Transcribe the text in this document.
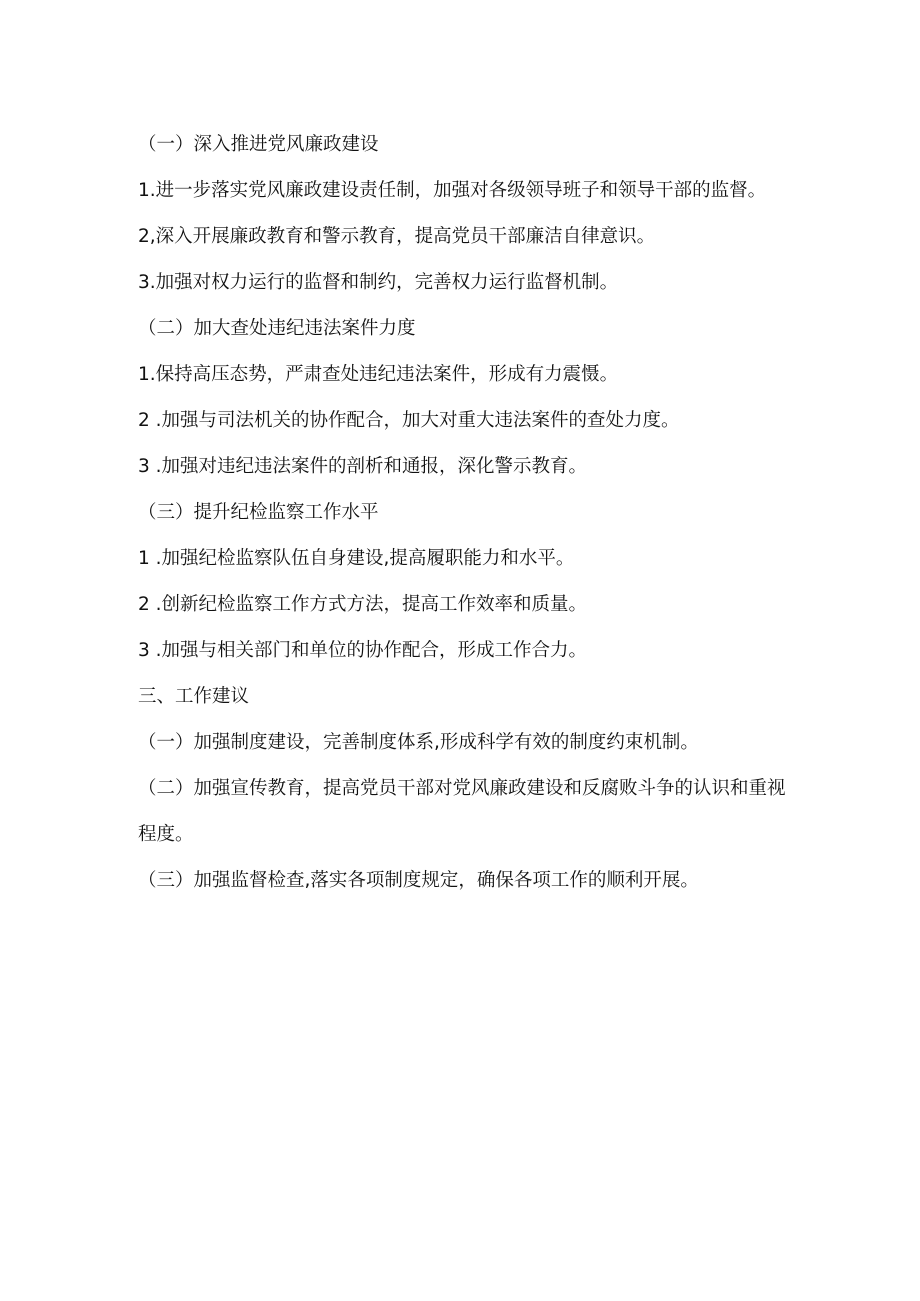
（一）深入推进党风廉政建设

1.进一步落实党风廉政建设责任制，加强对各级领导班子和领导干部的监督。

2,深入开展廉政教育和警示教育，提高党员干部廉洁自律意识。

3.加强对权力运行的监督和制约，完善权力运行监督机制。

（二）加大查处违纪违法案件力度

1.保持高压态势，严肃查处违纪违法案件，形成有力震慑。

2 .加强与司法机关的协作配合，加大对重大违法案件的查处力度。

3 .加强对违纪违法案件的剖析和通报，深化警示教育。

（三）提升纪检监察工作水平

1 .加强纪检监察队伍自身建设,提高履职能力和水平。

2 .创新纪检监察工作方式方法，提高工作效率和质量。

3 .加强与相关部门和单位的协作配合，形成工作合力。

三、工作建议

（一）加强制度建设，完善制度体系,形成科学有效的制度约束机制。

（二）加强宣传教育，提高党员干部对党风廉政建设和反腐败斗争的认识和重视程度。

（三）加强监督检查,落实各项制度规定，确保各项工作的顺利开展。
